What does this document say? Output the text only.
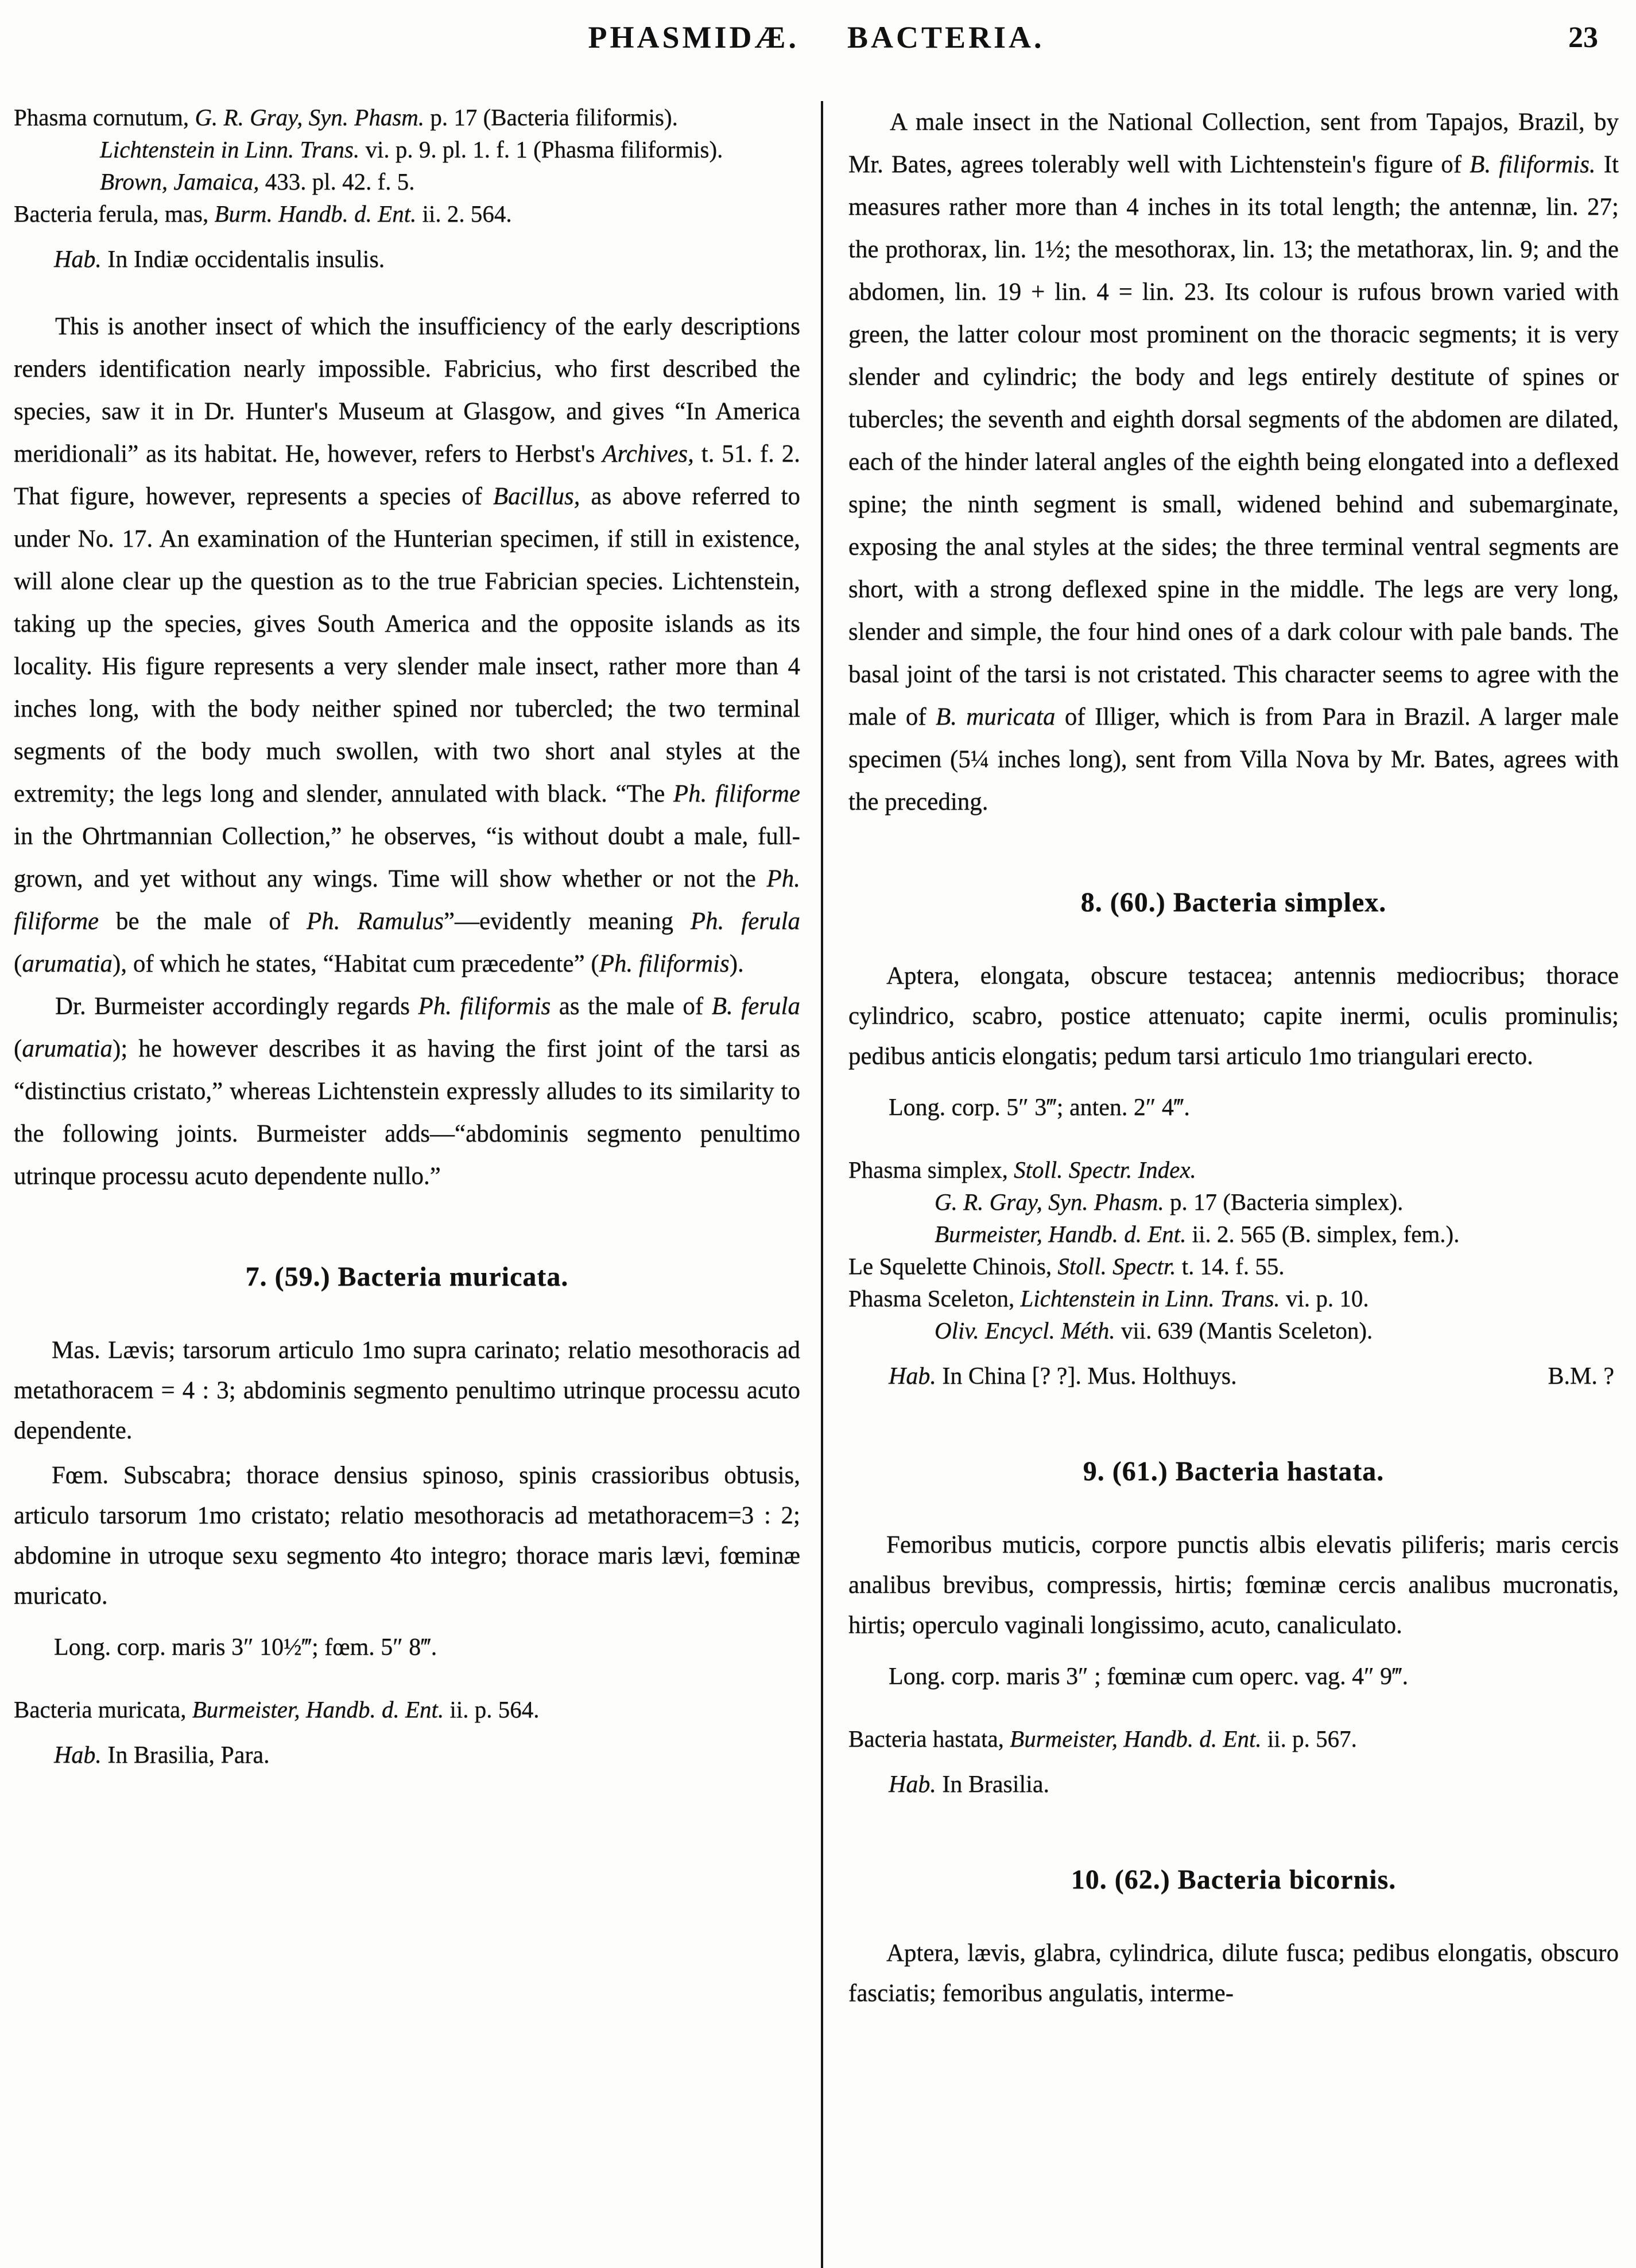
PHASMIDÆ. BACTERIA.	23

Phasma cornutum, G. R. Gray, Syn. Phasm. p. 17 (Bacteria filiformis).

Lichtenstein in Linn. Trans. vi. p. 9. pl. 1. f. 1 (Phasma filiformis).

Brown, Jamaica, 433. pl. 42. f. 5.

Bacteria ferula, mas, Burm. Handb. d. Ent. ii. 2. 564.

Hab. In Indiæ occidentalis insulis.

This is another insect of which the insufficiency of the early descriptions renders identification nearly impossible. Fabricius, who first described the species, saw it in Dr. Hunter's Museum at Glasgow, and gives “In America meridionali” as its habitat. He, however, refers to Herbst's Archives, t. 51. f. 2. That figure, however, represents a species of Bacillus, as above referred to under No. 17. An examination of the Hunterian specimen, if still in existence, will alone clear up the question as to the true Fabrician species. Lichtenstein, taking up the species, gives South America and the opposite islands as its locality. His figure represents a very slender male insect, rather more than 4 inches long, with the body neither spined nor tubercled; the two terminal segments of the body much swollen, with two short anal styles at the extremity; the legs long and slender, annulated with black. “The Ph. filiforme in the Ohrtmannian Collection,” he observes, “is without doubt a male, full-grown, and yet without any wings. Time will show whether or not the Ph. filiforme be the male of Ph. Ramulus”—evidently meaning Ph. ferula (arumatia), of which he states, “Habitat cum præcedente” (Ph. filiformis).

Dr. Burmeister accordingly regards Ph. filiformis as the male of B. ferula (arumatia); he however describes it as having the first joint of the tarsi as “distinctius cristato,” whereas Lichtenstein expressly alludes to its similarity to the following joints. Burmeister adds—“abdominis segmento penultimo utrinque processu acuto dependente nullo.”

7. (59.) Bacteria muricata.

Mas. Lævis; tarsorum articulo 1mo supra carinato; relatio mesothoracis ad metathoracem = 4 : 3; abdominis segmento penultimo utrinque processu acuto dependente.

Fœm. Subscabra; thorace densius spinoso, spinis crassioribus obtusis, articulo tarsorum 1mo cristato; relatio mesothoracis ad metathoracem=3 : 2; abdomine in utroque sexu segmento 4to integro; thorace maris lævi, fœminæ muricato.

Long. corp. maris 3″ 10½‴; fœm. 5″ 8‴.

Bacteria muricata, Burmeister, Handb. d. Ent. ii. p. 564.

Hab. In Brasilia, Para.

A male insect in the National Collection, sent from Tapajos, Brazil, by Mr. Bates, agrees tolerably well with Lichtenstein's figure of B. filiformis. It measures rather more than 4 inches in its total length; the antennæ, lin. 27; the prothorax, lin. 1½; the mesothorax, lin. 13; the metathorax, lin. 9; and the abdomen, lin. 19 + lin. 4 = lin. 23. Its colour is rufous brown varied with green, the latter colour most prominent on the thoracic segments; it is very slender and cylindric; the body and legs entirely destitute of spines or tubercles; the seventh and eighth dorsal segments of the abdomen are dilated, each of the hinder lateral angles of the eighth being elongated into a deflexed spine; the ninth segment is small, widened behind and subemarginate, exposing the anal styles at the sides; the three terminal ventral segments are short, with a strong deflexed spine in the middle. The legs are very long, slender and simple, the four hind ones of a dark colour with pale bands. The basal joint of the tarsi is not cristated. This character seems to agree with the male of B. muricata of Illiger, which is from Para in Brazil. A larger male specimen (5¼ inches long), sent from Villa Nova by Mr. Bates, agrees with the preceding.

8. (60.) Bacteria simplex.

Aptera, elongata, obscure testacea; antennis mediocribus; thorace cylindrico, scabro, postice attenuato; capite inermi, oculis prominulis; pedibus anticis elongatis; pedum tarsi articulo 1mo triangulari erecto.

Long. corp. 5″ 3‴; anten. 2″ 4‴.

Phasma simplex, Stoll. Spectr. Index.

G. R. Gray, Syn. Phasm. p. 17 (Bacteria simplex).

Burmeister, Handb. d. Ent. ii. 2. 565 (B. simplex, fem.).

Le Squelette Chinois, Stoll. Spectr. t. 14. f. 55.

Phasma Sceleton, Lichtenstein in Linn. Trans. vi. p. 10.

Oliv. Encycl. Méth. vii. 639 (Mantis Sceleton).

Hab. In China [? ?]. Mus. Holthuys.	B.M. ?

9. (61.) Bacteria hastata.

Femoribus muticis, corpore punctis albis elevatis piliferis; maris cercis analibus brevibus, compressis, hirtis; fœminæ cercis analibus mucronatis, hirtis; operculo vaginali longissimo, acuto, canaliculato.

Long. corp. maris 3″ ; fœminæ cum operc. vag. 4″ 9‴.

Bacteria hastata, Burmeister, Handb. d. Ent. ii. p. 567.

Hab. In Brasilia.

10. (62.) Bacteria bicornis.

Aptera, lævis, glabra, cylindrica, dilute fusca; pedibus elongatis, obscuro fasciatis; femoribus angulatis, interme-
